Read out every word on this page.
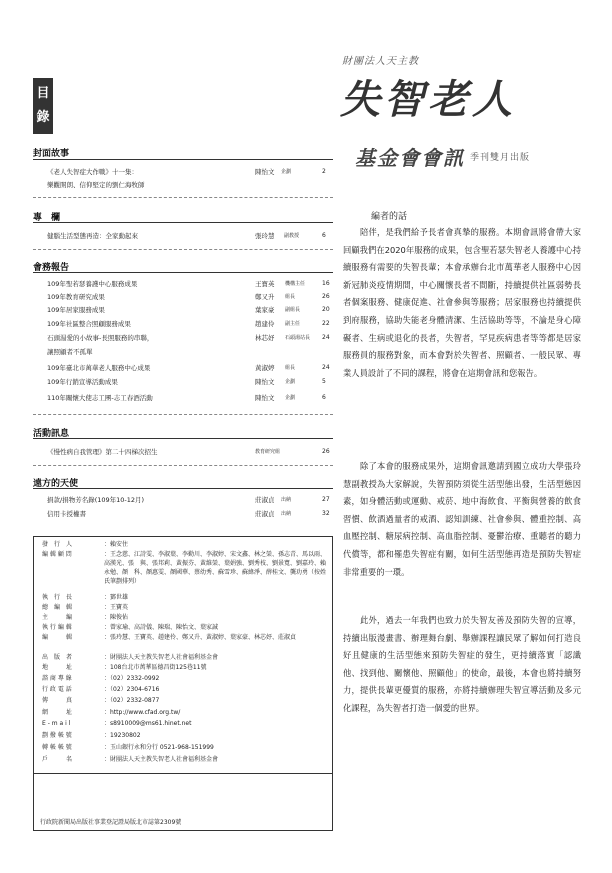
目
錄
封面故事
《老人失智症大作戰》十一集：	陳怡文 企劃	2
樂觀開朗、信仰堅定的劉仁海牧師
專　欄
健腦生活型態再造：全家動起來	張玲慧 副教授	6
會務報告
109年聖若瑟養護中心服務成果	王寶英 機構主任	16
109年教育研究成果	鄭又升 組長	26
109年居家服務成果	葉家豪 副組長	20
109年社區整合照顧服務成果	趙建伶 副主任	22
石頭湯愛的小故事-長照服務的串聯，	林芯妤 石頭湯站長 24
讓照顧者不孤單
109年臺北市萬華老人服務中心成果	黃淑婷 組長	24
109年行銷宣導活動成果	陳怡文 企劃	5
110年關懷大使志工團-志工春酒活動	陳怡文 企劃	6
活動訊息
《慢性病自我管理》第二十四梯次招生	教育研究組	26
遠方的天使
捐款/捐物芳名錄(109年10-12月)	莊淑貞 出納	27
信用卡授權書	莊淑貞 出納	32
發　行　人	：賴安住
編 輯 顧 問	：王念慈、江詩雯、李淑葉、李勤川、李淑婷、宋文鑫、林之榮、孫志青、馬以雨、高漢光、張　與、張邦莉、黃振芬、黃維榮、葉娟強、劉秀枝、劉景寬、劉嘉玲、賴永勉、顏　科、顏惠雯、顏國華、蔡幼秀、蘇雪珍、蘇緯淨、薛桂文、龔玏勇（按姓氏筆劃排列）
執　行　長	：鄧世雄
總　編　輯	：王寶英
主　　　編	：陳俊佑
執 行 編 輯	：曾家瑜、高詩儀、陳瑞、陳怡文、葉家誠
編　　　輯	：張玲慧、王寶英、趙建伶、鄭又升、黃淑婷、葉家豪、林芯妤、莊淑貞
出　版　者	：財團法人天主教失智老人社會福利基金會
地　　　址	：108台北市萬華區德昌街125巷11號
諮 商 專 線	：（02）2332-0992
行 政 電 話	：（02）2304-6716
傳　　　真	：（02）2332-0877
網　　　址	：http://www.cfad.org.tw/
E - m a i l	：s8910009@ms61.hinet.net
劃 撥 帳 號	：19230802
轉 帳 帳 號	：玉山銀行永和分行 0521-968-151999
戶　　　名	：財團法人天主教失智老人社會福利基金會
行政院新聞局出版社事業登記證局版北市誌第2309號
財團法人天主教
失智老人
基金會會訊 季刊雙月出版
編者的話
陪伴，是我們給予長者會真摯的服務。本期會訊將會帶大家回顧我們在2020年服務的成果，包含聖若瑟失智老人養護中心持續服務有需要的失智長輩；本會承辦台北市萬華老人服務中心因新冠肺炎疫情期間，中心關懷長者不間斷，持續提供社區弱勢長者個案服務、健康促進、社會參與等服務；居家服務也持續提供到府服務，協助失能老身體清潔、生活協助等等，不論是身心障礙者、生病或退化的長者，失智者，罕見疾病患者等等都是居家服務員的服務對象，而本會對於失智者、照顧者、一般民眾、專業人員設計了不同的課程，將會在這期會訊和您報告。
除了本會的服務成果外，這期會訊邀請到國立成功大學張玲慧副教授為大家解說，失智預防須從生活型態出發，生活型態因素，如身體活動或運動、戒菸、地中海飲食、平衡與營養的飲食習慣、飲酒過量者的戒酒、認知訓練、社會參與、體重控制、高血壓控制、糖尿病控制、高血脂控制、憂鬱治療、重聽者的聽力代償等，都和罹患失智症有關，如何生活型態再造是預防失智症非常重要的一環。
此外，過去一年我們也致力於失智友善及預防失智的宣導，持續出版漫畫書、辦理舞台劇、舉辦課程讓民眾了解如何打造良好且健康的生活型態來預防失智症的發生，更持續落實「認識他、找到他、關懷他、照顧他」的使命，最後，本會也將持續努力，提供長輩更優質的服務，亦將持續辦理失智宣導活動及多元化課程，為失智者打造一個愛的世界。
